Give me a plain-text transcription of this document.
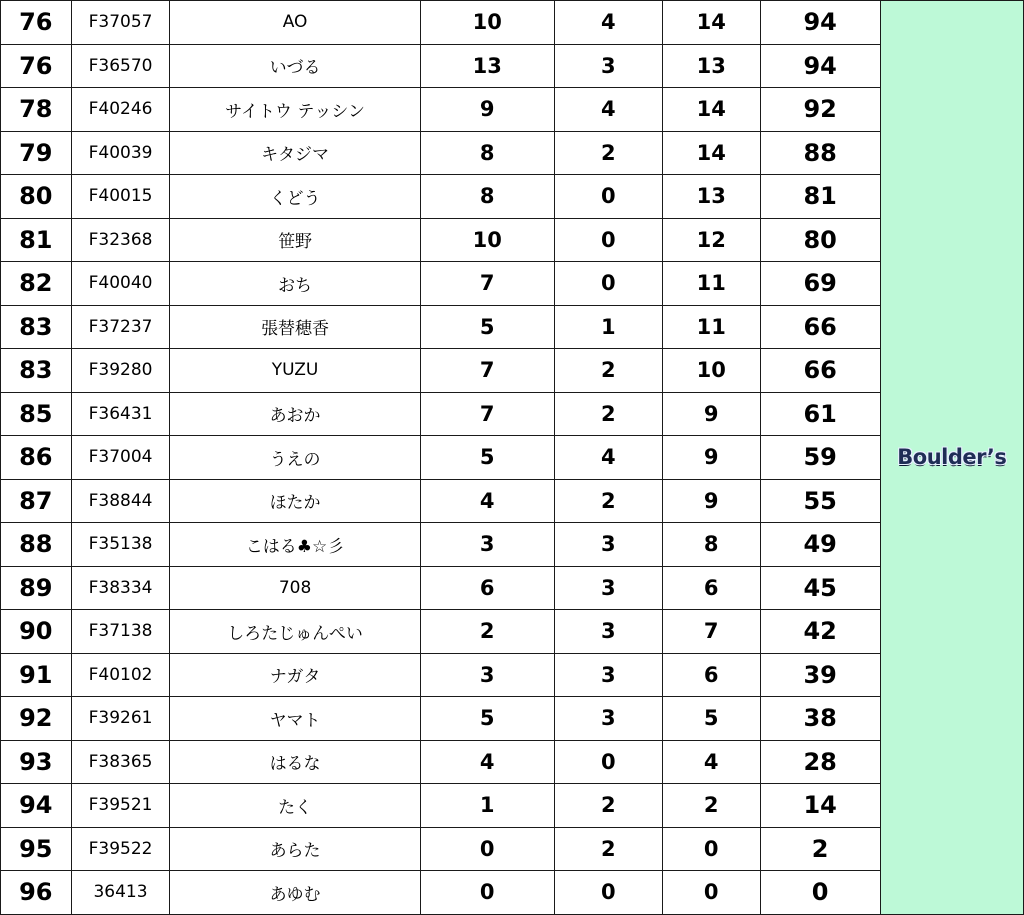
76	F37057	AO	10	4	14	94	Boulder’s
76	F36570	いづる	13	3	13	94	
78	F40246	サイトウ テッシン	9	4	14	92	
79	F40039	キタジマ	8	2	14	88	
80	F40015	くどう	8	0	13	81	
81	F32368	笹野	10	0	12	80	
82	F40040	おち	7	0	11	69	
83	F37237	張替穂香	5	1	11	66	
83	F39280	YUZU	7	2	10	66	
85	F36431	あおか	7	2	9	61	
86	F37004	うえの	5	4	9	59	
87	F38844	ほたか	4	2	9	55	
88	F35138	こはる♣☆彡	3	3	8	49	
89	F38334	708	6	3	6	45	
90	F37138	しろたじゅんぺい	2	3	7	42	
91	F40102	ナガタ	3	3	6	39	
92	F39261	ヤマト	5	3	5	38	
93	F38365	はるな	4	0	4	28	
94	F39521	たく	1	2	2	14	
95	F39522	あらた	0	2	0	2	
96	36413	あゆむ	0	0	0	0	
